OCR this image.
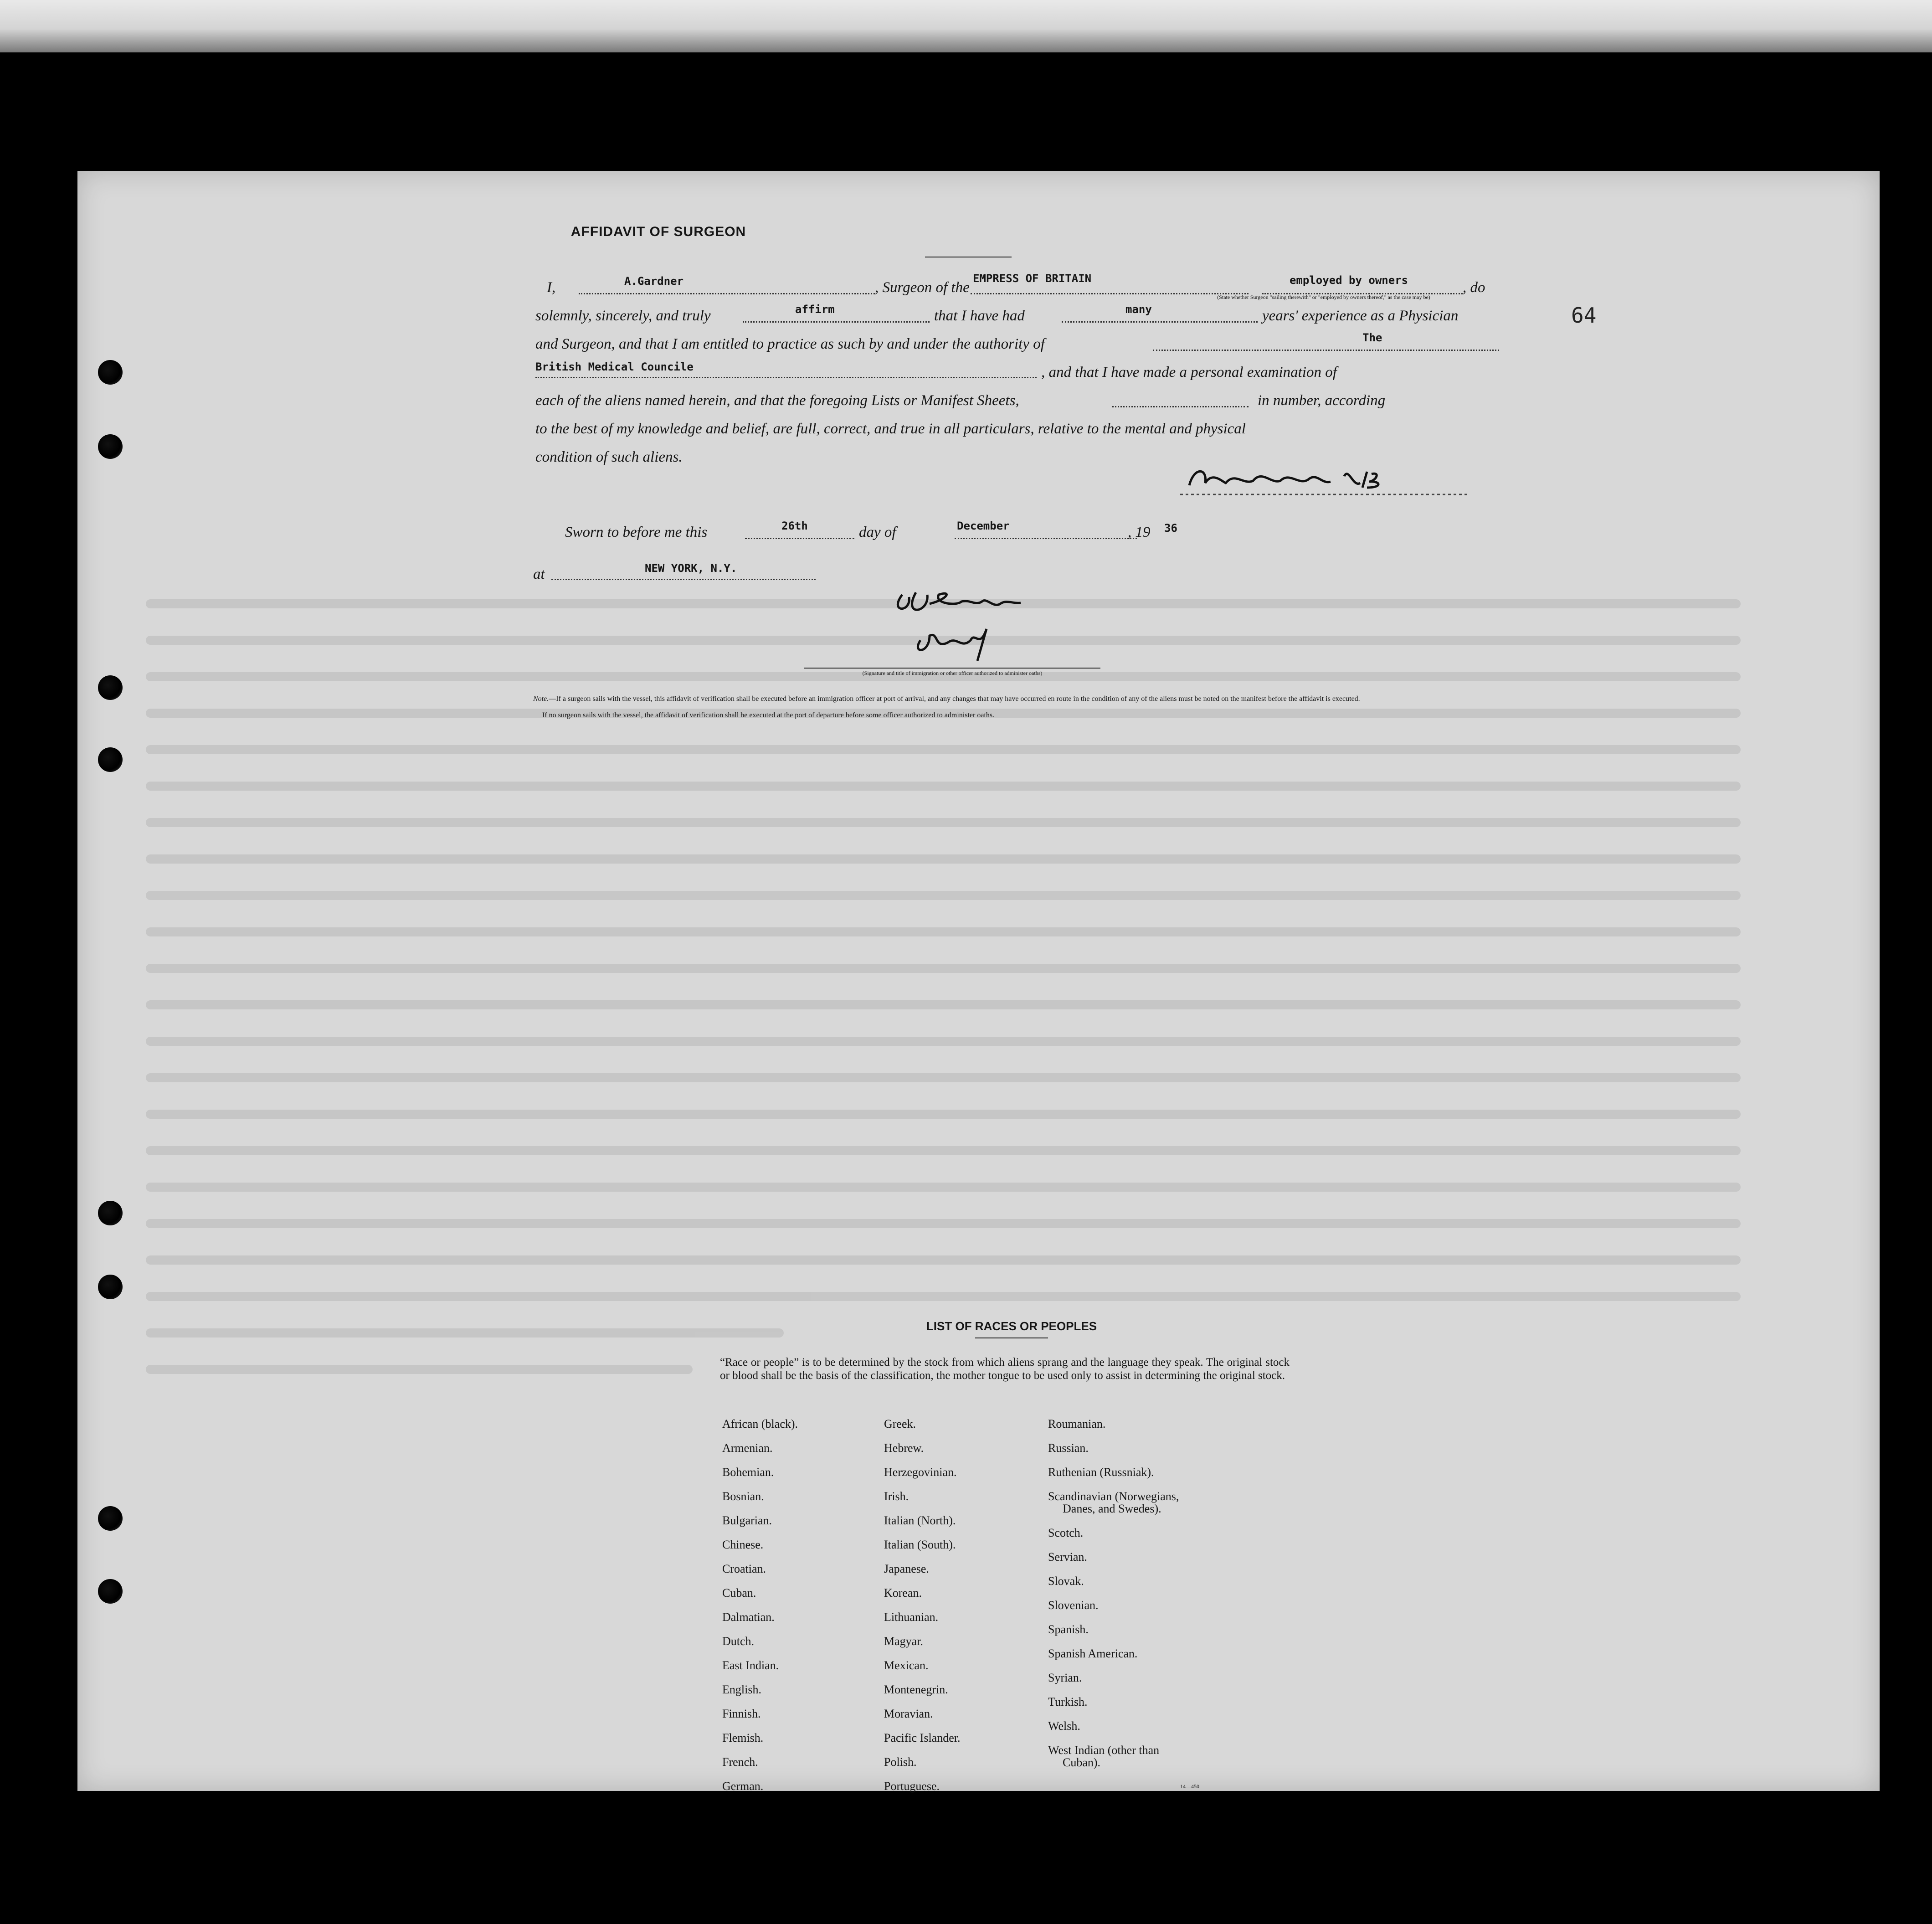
64
AFFIDAVIT OF SURGEON
I,	A.Gardner	, Surgeon of the
EMPRESS OF BRITAIN	employed by owners	, do
(State whether Surgeon "sailing therewith" or "employed by owners thereof," as the case may be)
solemnly, sincerely, and truly	affirm	that I have had	many	years' experience as a Physician
and Surgeon, and that I am entitled to practice as such by and under the authority of	The
British Medical Councile	, and that I have made a personal examination of
each of the aliens named herein, and that the foregoing Lists or Manifest Sheets,	in number, according
to the best of my knowledge and belief, are full, correct, and true in all particulars, relative to the mental and physical
condition of such aliens.
Sworn to before me this	26th	day of	December	, 19 36
at	NEW YORK, N.Y.
(Signature and title of immigration or other officer authorized to administer oaths)
Note.—If a surgeon sails with the vessel, this affidavit of verification shall be executed before an immigration officer at port of arrival, and any changes that may have occurred en route in the condition of any of the aliens must be noted on the manifest before the affidavit is executed.
If no surgeon sails with the vessel, the affidavit of verification shall be executed at the port of departure before some officer authorized to administer oaths.
LIST OF RACES OR PEOPLES
“Race or people” is to be determined by the stock from which aliens sprang and the language they speak. The original stock or blood shall be the basis of the classification, the mother tongue to be used only to assist in determining the original stock.
African (black).
Armenian.
Bohemian.
Bosnian.
Bulgarian.
Chinese.
Croatian.
Cuban.
Dalmatian.
Dutch.
East Indian.
English.
Finnish.
Flemish.
French.
German.
Greek.
Hebrew.
Herzegovinian.
Irish.
Italian (North).
Italian (South).
Japanese.
Korean.
Lithuanian.
Magyar.
Mexican.
Montenegrin.
Moravian.
Pacific Islander.
Polish.
Portuguese.
Roumanian.
Russian.
Ruthenian (Russniak).
Scandinavian (Norwegians,
Danes, and Swedes).
Scotch.
Servian.
Slovak.
Slovenian.
Spanish.
Spanish American.
Syrian.
Turkish.
Welsh.
West Indian (other than
Cuban).
14—450
